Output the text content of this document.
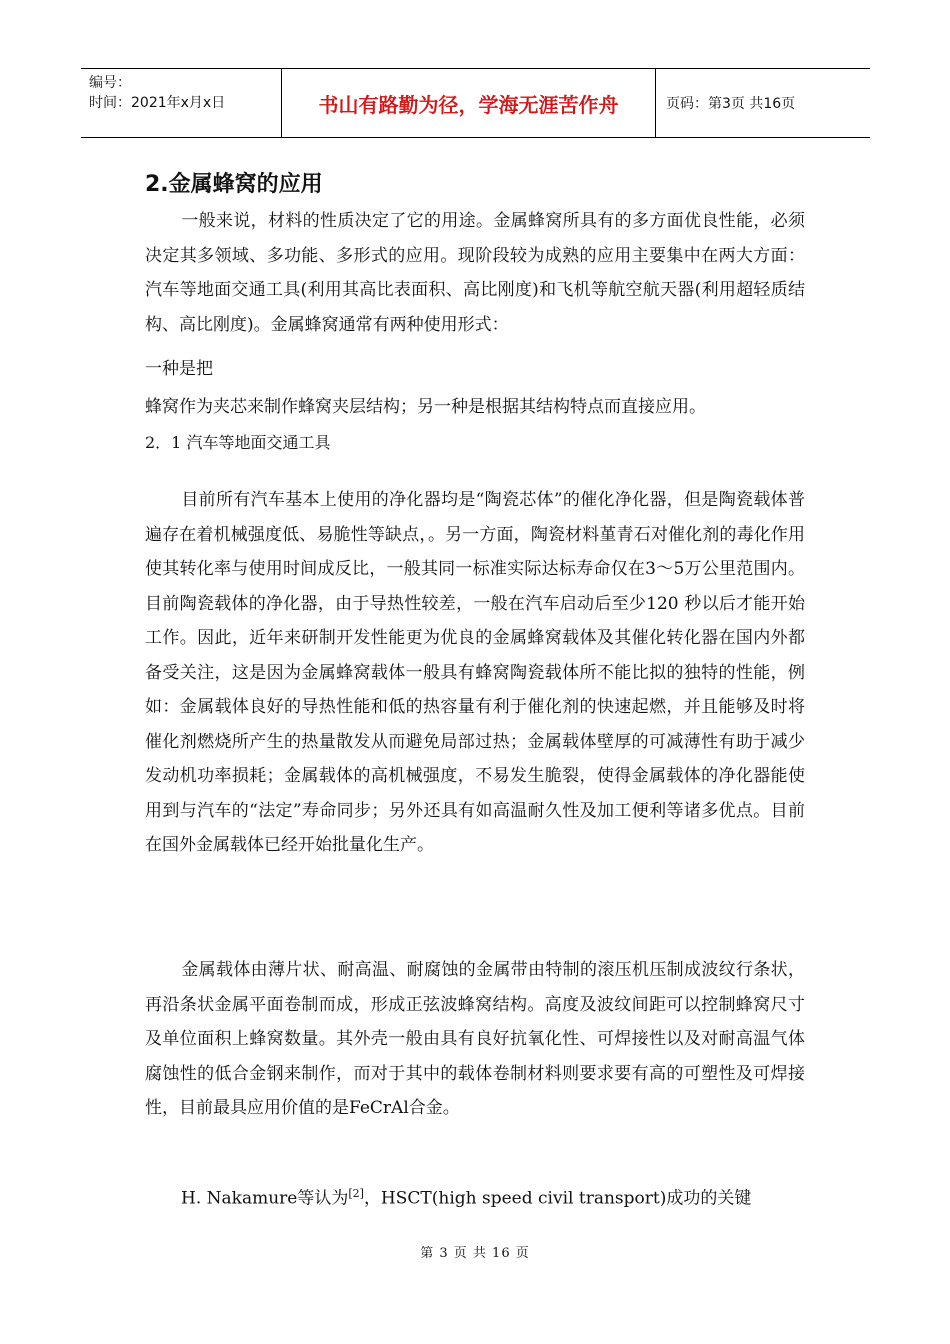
编号：
时间：2021年x月x日	书山有路勤为径，学海无涯苦作舟	页码：第3页 共16页
2.金属蜂窝的应用

一般来说，材料的性质决定了它的用途。金属蜂窝所具有的多方面优良性能，必须决定其多领域、多功能、多形式的应用。现阶段较为成熟的应用主要集中在两大方面：汽车等地面交通工具(利用其高比表面积、高比刚度)和飞机等航空航天器(利用超轻质结构、高比刚度)。金属蜂窝通常有两种使用形式：

一种是把

蜂窝作为夹芯来制作蜂窝夹层结构；另一种是根据其结构特点而直接应用。

2．1 汽车等地面交通工具

目前所有汽车基本上使用的净化器均是“陶瓷芯体”的催化净化器，但是陶瓷载体普遍存在着机械强度低、易脆性等缺点，。另一方面，陶瓷材料堇青石对催化剂的毒化作用使其转化率与使用时间成反比，一般其同一标准实际达标寿命仅在3～5万公里范围内。目前陶瓷载体的净化器，由于导热性较差，一般在汽车启动后至少120 秒以后才能开始工作。因此，近年来研制开发性能更为优良的金属蜂窝载体及其催化转化器在国内外都备受关注，这是因为金属蜂窝载体一般具有蜂窝陶瓷载体所不能比拟的独特的性能，例如：金属载体良好的导热性能和低的热容量有利于催化剂的快速起燃，并且能够及时将催化剂燃烧所产生的热量散发从而避免局部过热；金属载体壁厚的可减薄性有助于减少发动机功率损耗；金属载体的高机械强度，不易发生脆裂，使得金属载体的净化器能使用到与汽车的“法定”寿命同步；另外还具有如高温耐久性及加工便利等诸多优点。目前在国外金属载体已经开始批量化生产。

金属载体由薄片状、耐高温、耐腐蚀的金属带由特制的滚压机压制成波纹行条状，再沿条状金属平面卷制而成，形成正弦波蜂窝结构。高度及波纹间距可以控制蜂窝尺寸及单位面积上蜂窝数量。其外壳一般由具有良好抗氧化性、可焊接性以及对耐高温气体腐蚀性的低合金钢来制作，而对于其中的载体卷制材料则要求要有高的可塑性及可焊接性，目前最具应用价值的是FeCrAl合金。

H. Nakamure等认为[2]，HSCT(high speed civil transport)成功的关键

第 3 页 共 16 页
